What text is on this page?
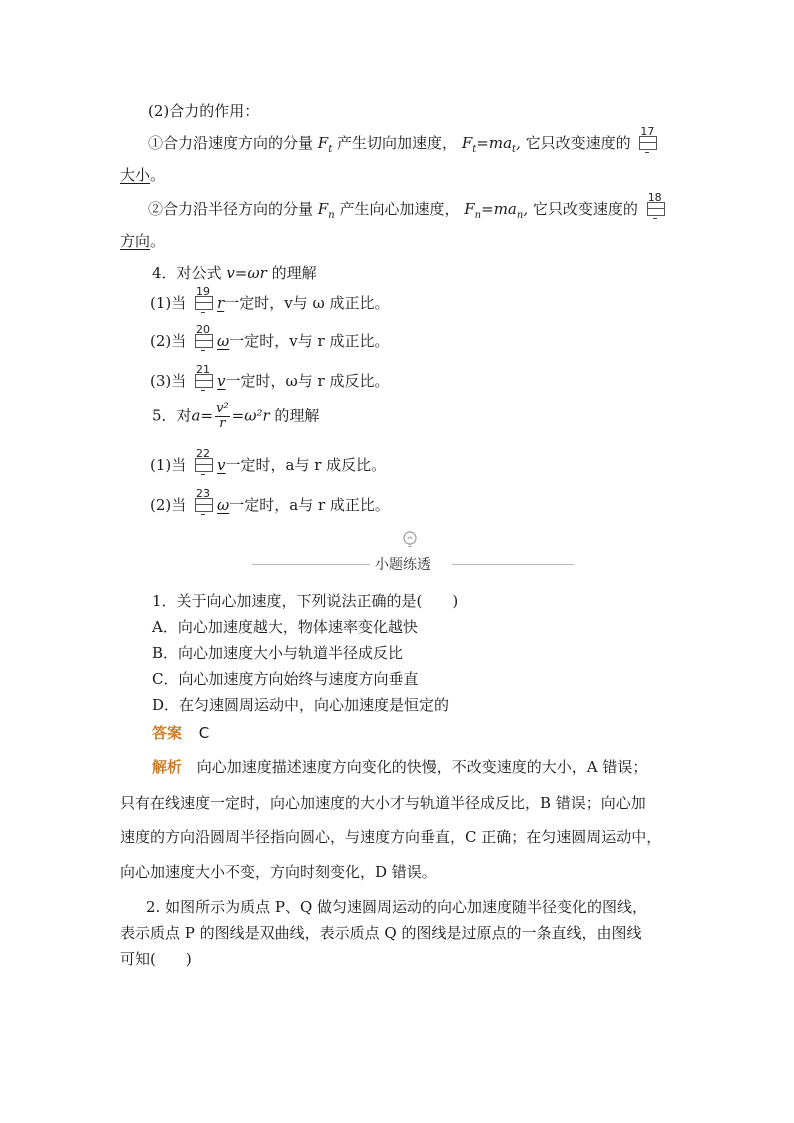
(2)合力的作用：
①合力沿速度方向的分量 $F_t$ 产生切向加速度， $F_t=ma_t$, 它只改变速度的
17
大小。
②合力沿半径方向的分量 $F_n$ 产生向心加速度， $F_n=ma_n$, 它只改变速度的
18
方向。
4．对公式 v=ωr 的理解
(1)当
19
r一定时，v与 ω 成正比。
(2)当
20
ω一定时，v与 r 成正比。
(3)当
21
v一定时，ω与 r 成反比。
5．对$a= \frac{\text{v²}}{r} =\omega^2r$ 的理解
(1)当
22
v一定时，a与 r 成反比。
(2)当
23
ω一定时，a与 r 成正比。
小题练透
1．关于向心加速度，下列说法正确的是(　　)
A．向心加速度越大，物体速率变化越快
B．向心加速度大小与轨道半径成反比
C．向心加速度方向始终与速度方向垂直
D．在匀速圆周运动中，向心加速度是恒定的
答案 C
解析 向心加速度描述速度方向变化的快慢，不改变速度的大小，A 错误；
只有在线速度一定时，向心加速度的大小才与轨道半径成反比，B 错误；向心加
速度的方向沿圆周半径指向圆心，与速度方向垂直，C 正确；在匀速圆周运动中，
向心加速度大小不变，方向时刻变化，D 错误。
2. 如图所示为质点 P、Q 做匀速圆周运动的向心加速度随半径变化的图线，
表示质点 P 的图线是双曲线，表示质点 Q 的图线是过原点的一条直线，由图线
可知(　　)
